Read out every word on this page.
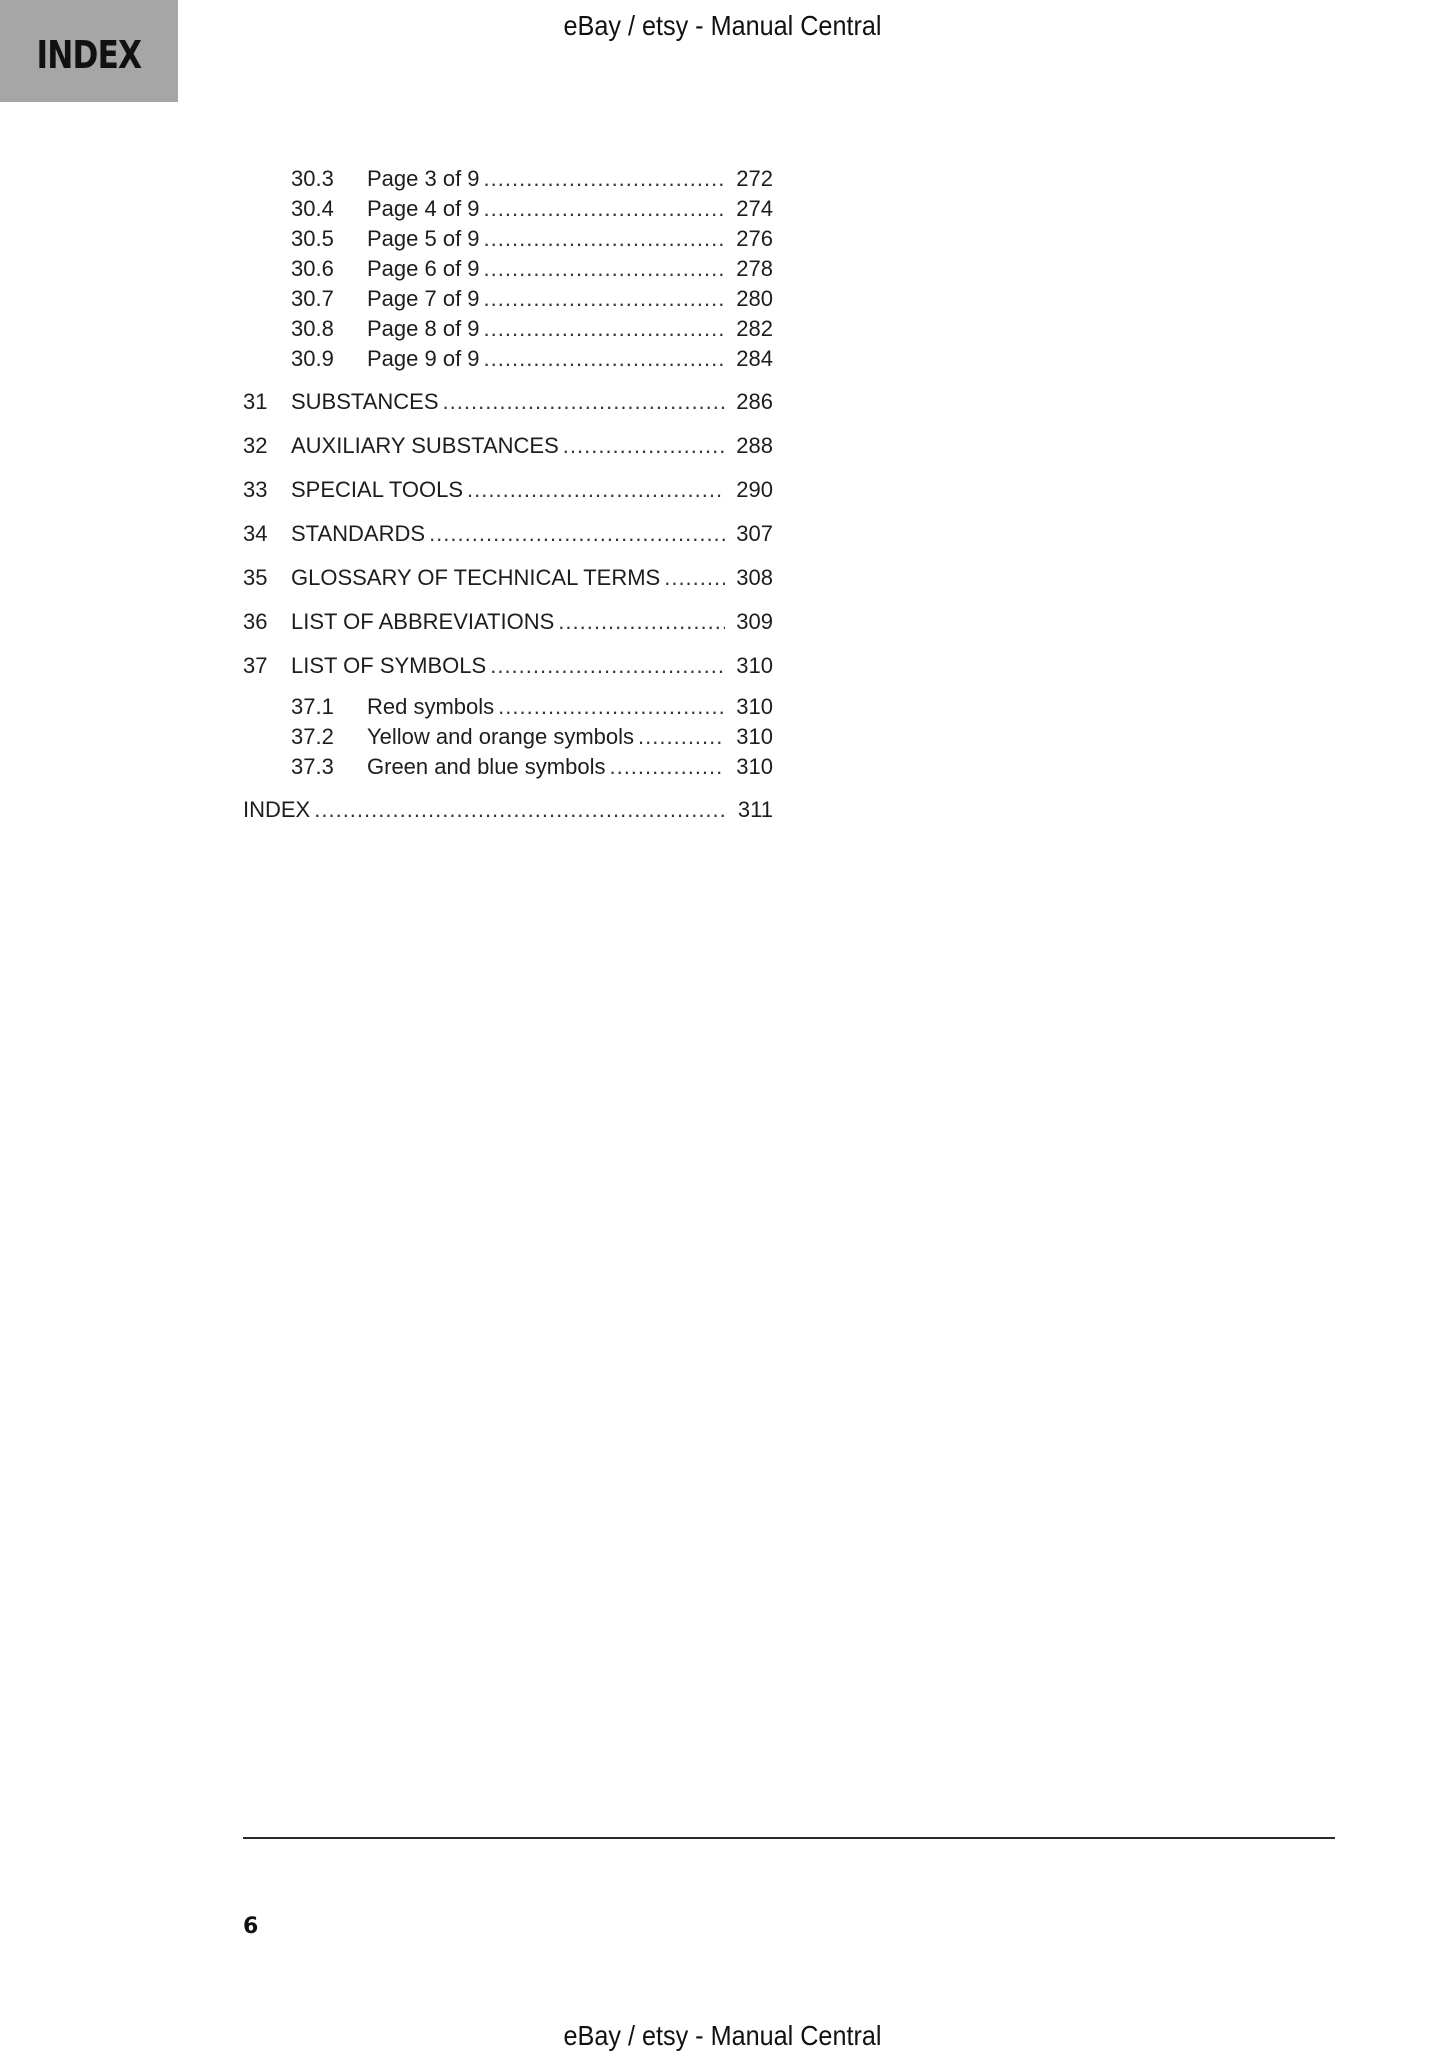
INDEX
eBay / etsy - Manual Central
30.3 Page 3 of 9 .....	272
30.4 Page 4 of 9 .....	274
30.5 Page 5 of 9 .....	276
30.6 Page 6 of 9 .....	278
30.7 Page 7 of 9 .....	280
30.8 Page 8 of 9 .....	282
30.9 Page 9 of 9 .....	284
31	SUBSTANCES .....	286
32	AUXILIARY SUBSTANCES .....	288
33	SPECIAL TOOLS .....	290
34	STANDARDS .....	307
35	GLOSSARY OF TECHNICAL TERMS .....	308
36	LIST OF ABBREVIATIONS .....	309
37	LIST OF SYMBOLS .....	310
37.1 Red symbols .....	310
37.2 Yellow and orange symbols .....	310
37.3 Green and blue symbols .....	310
INDEX .....	311
6
eBay / etsy - Manual Central
